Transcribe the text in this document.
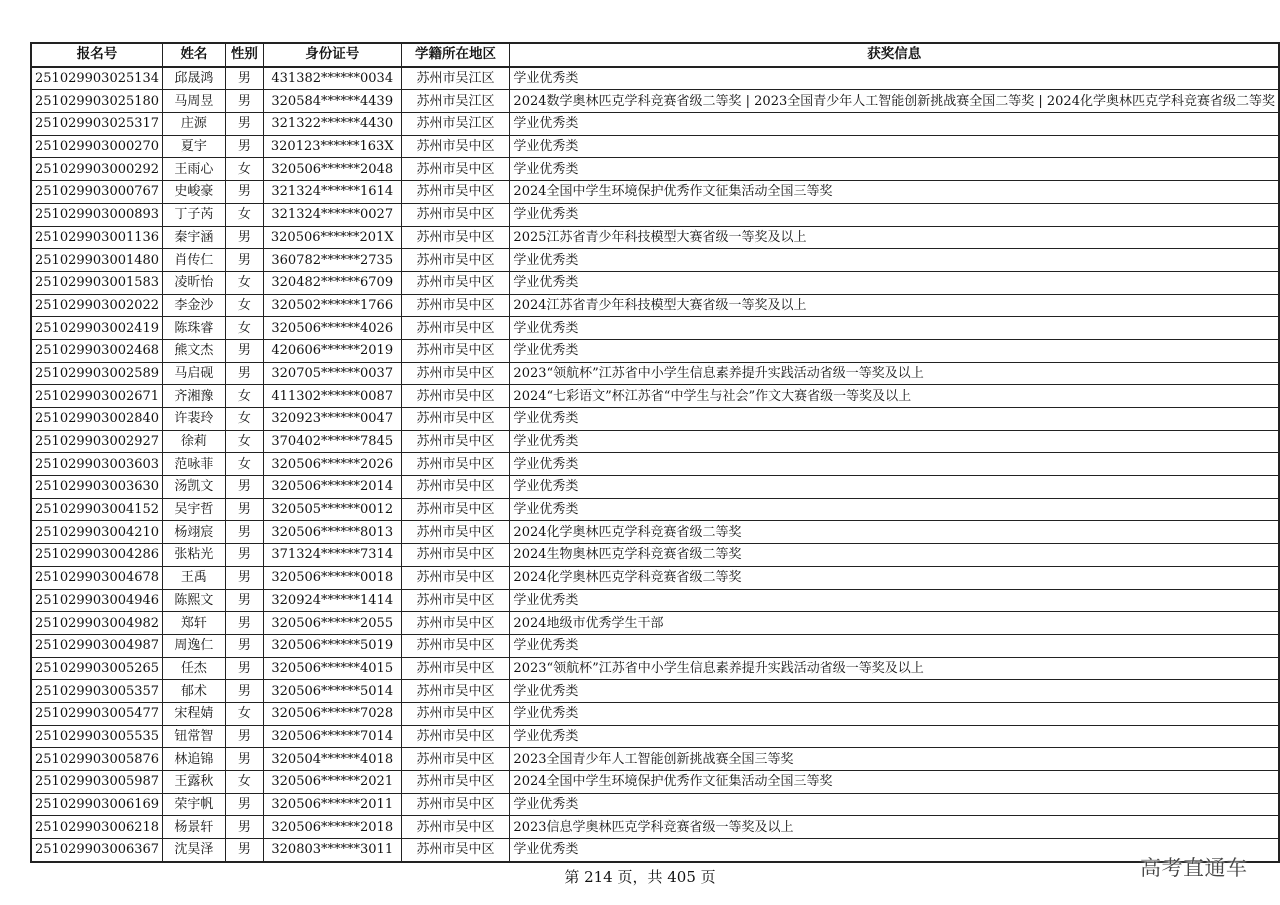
报名号	姓名	性别	身份证号	学籍所在地区	获奖信息
251029903025134	邱晟鸿	男	431382******0034	苏州市吴江区	学业优秀类
251029903025180	马周昱	男	320584******4439	苏州市吴江区	2024数学奥林匹克学科竞赛省级二等奖 | 2023全国青少年人工智能创新挑战赛全国二等奖 | 2024化学奥林匹克学科竞赛省级二等奖
251029903025317	庄源	男	321322******4430	苏州市吴江区	学业优秀类
251029903000270	夏宇	男	320123******163X	苏州市吴中区	学业优秀类
251029903000292	王雨心	女	320506******2048	苏州市吴中区	学业优秀类
251029903000767	史峻豪	男	321324******1614	苏州市吴中区	2024全国中学生环境保护优秀作文征集活动全国三等奖
251029903000893	丁子芮	女	321324******0027	苏州市吴中区	学业优秀类
251029903001136	秦宇涵	男	320506******201X	苏州市吴中区	2025江苏省青少年科技模型大赛省级一等奖及以上
251029903001480	肖传仁	男	360782******2735	苏州市吴中区	学业优秀类
251029903001583	凌昕怡	女	320482******6709	苏州市吴中区	学业优秀类
251029903002022	李金沙	女	320502******1766	苏州市吴中区	2024江苏省青少年科技模型大赛省级一等奖及以上
251029903002419	陈珠睿	女	320506******4026	苏州市吴中区	学业优秀类
251029903002468	熊文杰	男	420606******2019	苏州市吴中区	学业优秀类
251029903002589	马启砚	男	320705******0037	苏州市吴中区	2023“领航杯”江苏省中小学生信息素养提升实践活动省级一等奖及以上
251029903002671	齐湘豫	女	411302******0087	苏州市吴中区	2024“七彩语文”杯江苏省“中学生与社会”作文大赛省级一等奖及以上
251029903002840	许裴玲	女	320923******0047	苏州市吴中区	学业优秀类
251029903002927	徐莉	女	370402******7845	苏州市吴中区	学业优秀类
251029903003603	范咏菲	女	320506******2026	苏州市吴中区	学业优秀类
251029903003630	汤凯文	男	320506******2014	苏州市吴中区	学业优秀类
251029903004152	吴宇哲	男	320505******0012	苏州市吴中区	学业优秀类
251029903004210	杨翊宸	男	320506******8013	苏州市吴中区	2024化学奥林匹克学科竞赛省级二等奖
251029903004286	张粘光	男	371324******7314	苏州市吴中区	2024生物奥林匹克学科竞赛省级二等奖
251029903004678	王禹	男	320506******0018	苏州市吴中区	2024化学奥林匹克学科竞赛省级二等奖
251029903004946	陈熙文	男	320924******1414	苏州市吴中区	学业优秀类
251029903004982	郑轩	男	320506******2055	苏州市吴中区	2024地级市优秀学生干部
251029903004987	周逸仁	男	320506******5019	苏州市吴中区	学业优秀类
251029903005265	任杰	男	320506******4015	苏州市吴中区	2023“领航杯”江苏省中小学生信息素养提升实践活动省级一等奖及以上
251029903005357	郁术	男	320506******5014	苏州市吴中区	学业优秀类
251029903005477	宋程婧	女	320506******7028	苏州市吴中区	学业优秀类
251029903005535	钮常智	男	320506******7014	苏州市吴中区	学业优秀类
251029903005876	林追锦	男	320504******4018	苏州市吴中区	2023全国青少年人工智能创新挑战赛全国三等奖
251029903005987	王露秋	女	320506******2021	苏州市吴中区	2024全国中学生环境保护优秀作文征集活动全国三等奖
251029903006169	荣宇帆	男	320506******2011	苏州市吴中区	学业优秀类
251029903006218	杨景轩	男	320506******2018	苏州市吴中区	2023信息学奥林匹克学科竞赛省级一等奖及以上
251029903006367	沈昊泽	男	320803******3011	苏州市吴中区	学业优秀类
第 214 页，共 405 页	高考直通车
